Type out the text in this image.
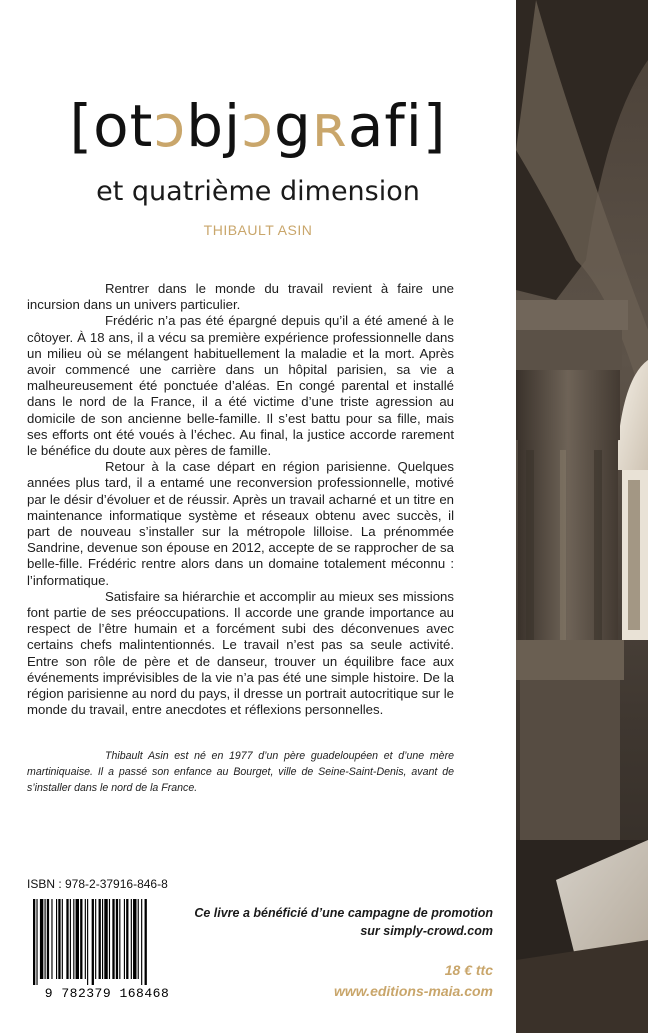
[otɔbjɔgʀafi]
et quatrième dimension
THIBAULT ASIN

Rentrer dans le monde du travail revient à faire une incursion dans un univers particulier.

Frédéric n’a pas été épargné depuis qu’il a été amené à le côtoyer. À 18 ans, il a vécu sa première expérience professionnelle dans un milieu où se mélangent habituellement la maladie et la mort. Après avoir commencé une carrière dans un hôpital parisien, sa vie a malheureusement été ponctuée d’aléas. En congé parental et installé dans le nord de la France, il a été victime d’une triste agression au domicile de son ancienne belle-famille. Il s’est battu pour sa fille, mais ses efforts ont été voués à l’échec. Au final, la justice accorde rarement le bénéfice du doute aux pères de famille.

Retour à la case départ en région parisienne. Quelques années plus tard, il a entamé une reconversion professionnelle, motivé par le désir d’évoluer et de réussir. Après un travail acharné et un titre en maintenance informatique système et réseaux obtenu avec succès, il part de nouveau s’installer sur la métropole lilloise. La prénommée Sandrine, devenue son épouse en 2012, accepte de se rapprocher de sa belle-fille. Frédéric rentre alors dans un domaine totalement méconnu : l’informatique.

Satisfaire sa hiérarchie et accomplir au mieux ses missions font partie de ses préoccupations. Il accorde une grande importance au respect de l’être humain et a forcément subi des déconvenues avec certains chefs malintentionnés. Le travail n’est pas sa seule activité. Entre son rôle de père et de danseur, trouver un équilibre face aux événements imprévisibles de la vie n’a pas été une simple histoire. De la région parisienne au nord du pays, il dresse un portrait autocritique sur le monde du travail, entre anecdotes et réflexions personnelles.

Thibault Asin est né en 1977 d’un père guadeloupéen et d’une mère martiniquaise. Il a passé son enfance au Bourget, ville de Seine-Saint-Denis, avant de s’installer dans le nord de la France.

ISBN : 978-2-37916-846-8
9 782379 168468
Ce livre a bénéficié d’une campagne de promotion
sur simply-crowd.com
18 € ttc
www.editions-maia.com
